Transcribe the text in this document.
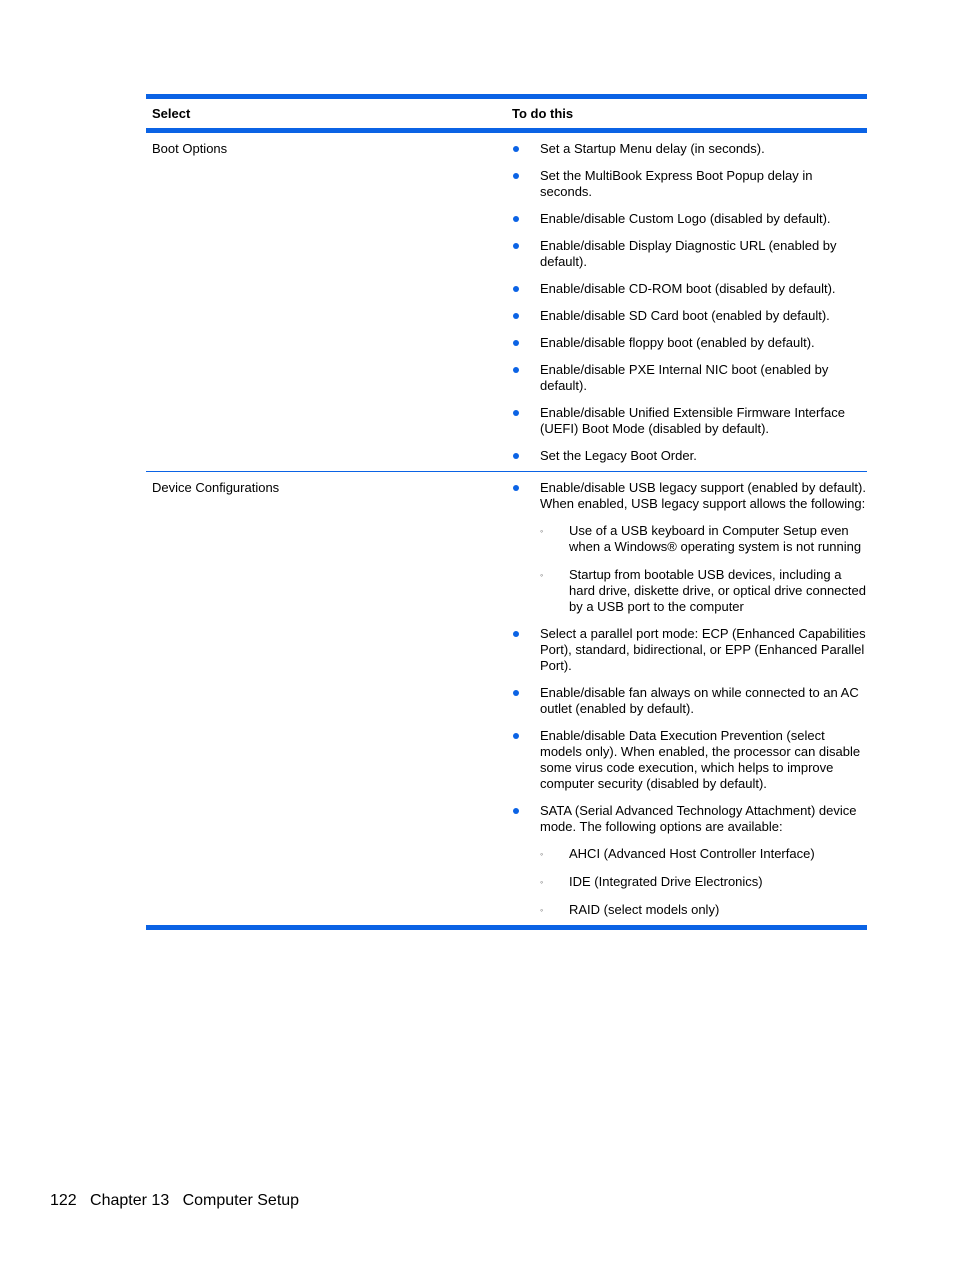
Select	To do this
Boot Options	Set a Startup Menu delay (in seconds).
Set the MultiBook Express Boot Popup delay in seconds.
Enable/disable Custom Logo (disabled by default).
Enable/disable Display Diagnostic URL (enabled by default).
Enable/disable CD-ROM boot (disabled by default).
Enable/disable SD Card boot (enabled by default).
Enable/disable floppy boot (enabled by default).
Enable/disable PXE Internal NIC boot (enabled by default).
Enable/disable Unified Extensible Firmware Interface (UEFI) Boot Mode (disabled by default).
Set the Legacy Boot Order.
Device Configurations	Enable/disable USB legacy support (enabled by default). When enabled, USB legacy support allows the following:
◦ Use of a USB keyboard in Computer Setup even when a Windows® operating system is not running
◦ Startup from bootable USB devices, including a hard drive, diskette drive, or optical drive connected by a USB port to the computer
Select a parallel port mode: ECP (Enhanced Capabilities Port), standard, bidirectional, or EPP (Enhanced Parallel Port).
Enable/disable fan always on while connected to an AC outlet (enabled by default).
Enable/disable Data Execution Prevention (select models only). When enabled, the processor can disable some virus code execution, which helps to improve computer security (disabled by default).
SATA (Serial Advanced Technology Attachment) device mode. The following options are available:
◦ AHCI (Advanced Host Controller Interface)
◦ IDE (Integrated Drive Electronics)
◦ RAID (select models only)
122 Chapter 13 Computer Setup
